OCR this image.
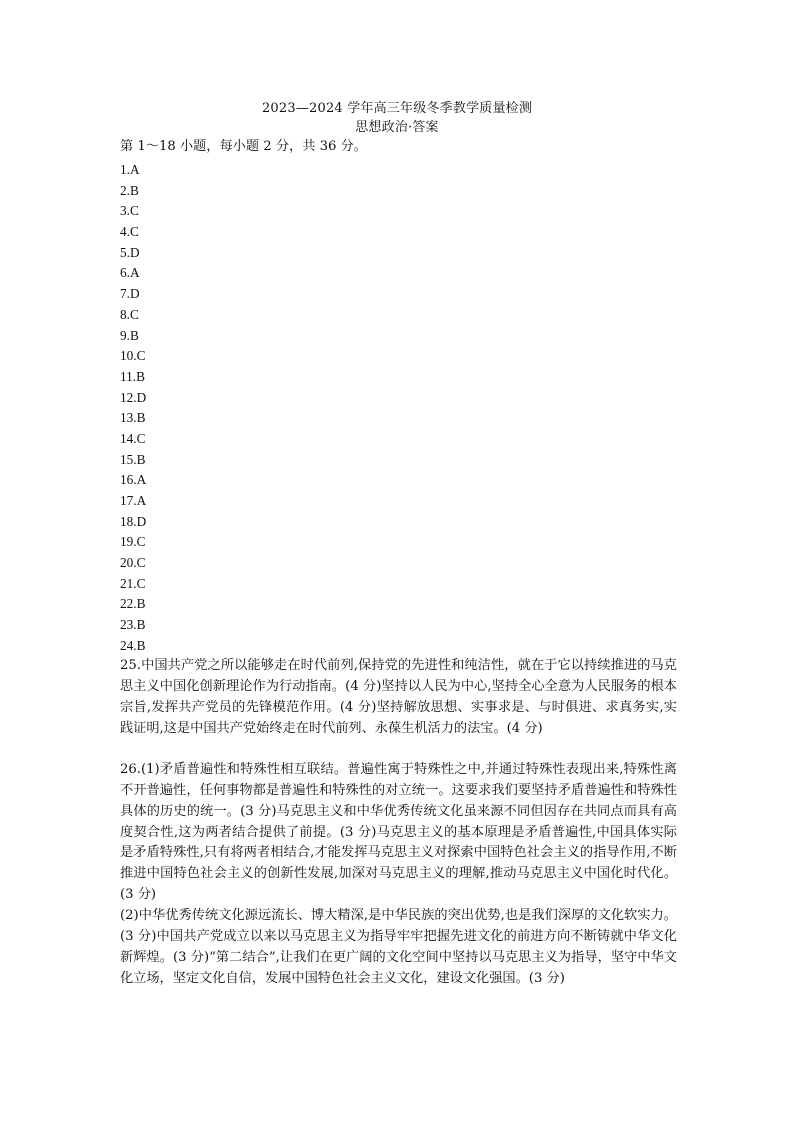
2023—2024 学年高三年级冬季教学质量检测
思想政治·答案
第 1～18 小题，每小题 2 分，共 36 分。
1.A
2.B
3.C
4.C
5.D
6.A
7.D
8.C
9.B
10.C
11.B
12.D
13.B
14.C
15.B
16.A
17.A
18.D
19.C
20.C
21.C
22.B
23.B
24.B

25.中国共产党之所以能够走在时代前列,保持党的先进性和纯洁性，就在于它以持续推进的马克思主义中国化创新理论作为行动指南。(4 分)坚持以人民为中心,坚持全心全意为人民服务的根本宗旨,发挥共产党员的先锋模范作用。(4 分)坚持解放思想、实事求是、与时俱进、求真务实,实践证明,这是中国共产党始终走在时代前列、永葆生机活力的法宝。(4 分)

26.(1)矛盾普遍性和特殊性相互联结。普遍性寓于特殊性之中,并通过特殊性表现出来,特殊性离不开普遍性，任何事物都是普遍性和特殊性的对立统一。这要求我们要坚持矛盾普遍性和特殊性具体的历史的统一。(3 分)马克思主义和中华优秀传统文化虽来源不同但因存在共同点而具有高度契合性,这为两者结合提供了前提。(3 分)马克思主义的基本原理是矛盾普遍性,中国具体实际是矛盾特殊性,只有将两者相结合,才能发挥马克思主义对探索中国特色社会主义的指导作用,不断推进中国特色社会主义的创新性发展,加深对马克思主义的理解,推动马克思主义中国化时代化。(3 分)

(2)中华优秀传统文化源远流长、博大精深,是中华民族的突出优势,也是我们深厚的文化软实力。(3 分)中国共产党成立以来以马克思主义为指导牢牢把握先进文化的前进方向不断铸就中华文化新辉煌。(3 分)“第二结合”,让我们在更广阔的文化空间中坚持以马克思主义为指导，坚守中华文化立场，坚定文化自信，发展中国特色社会主义文化，建设文化强国。(3 分)
